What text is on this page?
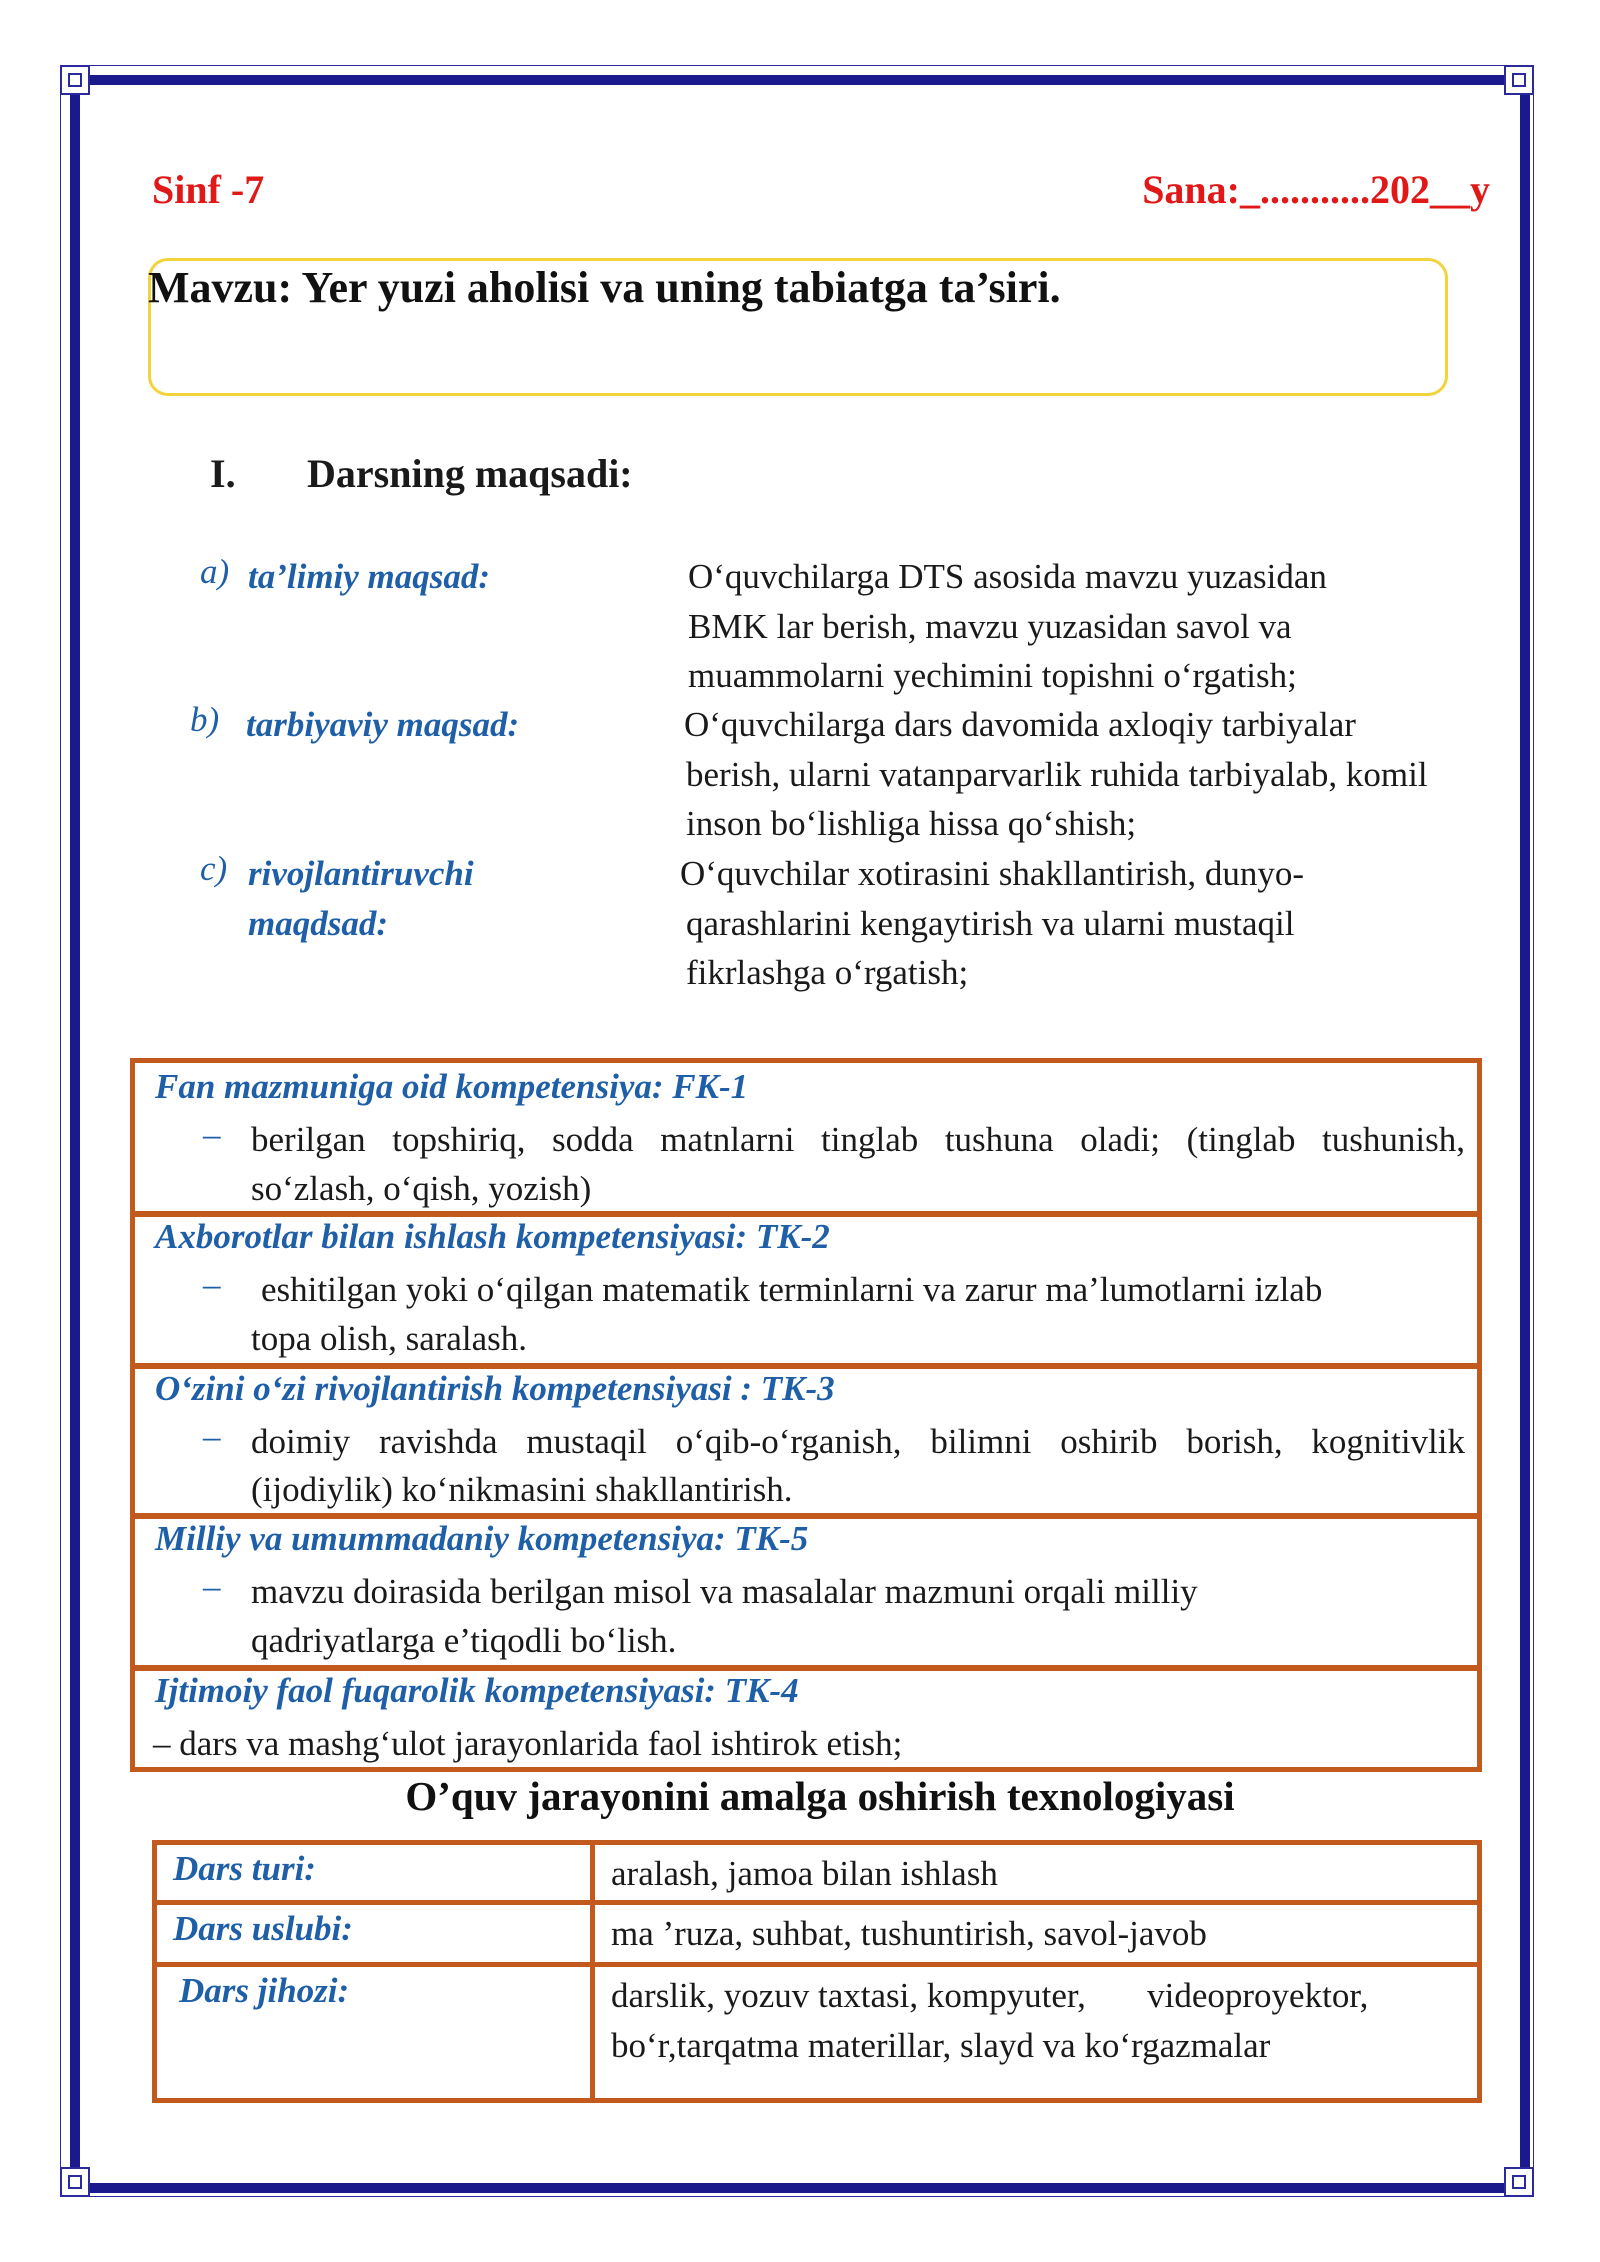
Sinf -7	Sana:_...........202__y
Mavzu: Yer yuzi aholisi va uning tabiatga ta’siri.
I. Darsning maqsadi:
a) ta’limiy maqsad:	O‘quvchilarga DTS asosida mavzu yuzasidan
BMK lar berish, mavzu yuzasidan savol va
muammolarni yechimini topishni o‘rgatish;
b) tarbiyaviy maqsad:	O‘quvchilarga dars davomida axloqiy tarbiyalar
berish, ularni vatanparvarlik ruhida tarbiyalab, komil
inson bo‘lishliga hissa qo‘shish;
c) rivojlantiruvchi
maqdsad:
O‘quvchilar xotirasini shakllantirish, dunyo-
qarashlarini kengaytirish va ularni mustaqil
fikrlashga o‘rgatish;
Fan mazmuniga oid kompetensiya: FK-1
– berilgan topshiriq, sodda matnlarni tinglab tushuna oladi; (tinglab tushunish,
so‘zlash, o‘qish, yozish)
Axborotlar bilan ishlash kompetensiyasi: TK-2
– eshitilgan yoki o‘qilgan matematik terminlarni va zarur ma’lumotlarni izlab
topa olish, saralash.
O‘zini o‘zi rivojlantirish kompetensiyasi : TK-3
– doimiy ravishda mustaqil o‘qib-o‘rganish, bilimni oshirib borish, kognitivlik
(ijodiylik) ko‘nikmasini shakllantirish.
Milliy va umummadaniy kompetensiya: TK-5
– mavzu doirasida berilgan misol va masalalar mazmuni orqali milliy
qadriyatlarga e’tiqodli bo‘lish.
Ijtimoiy faol fuqarolik kompetensiyasi: TK-4
– dars va mashg‘ulot jarayonlarida faol ishtirok etish;
O’quv jarayonini amalga oshirish texnologiyasi
Dars turi:	aralash, jamoa bilan ishlash
Dars uslubi:	ma ’ruza, suhbat, tushuntirish, savol-javob
Dars jihozi:	darslik, yozuv taxtasi, kompyuter,       videoproyektor,
bo‘r,tarqatma materillar, slayd va ko‘rgazmalar
